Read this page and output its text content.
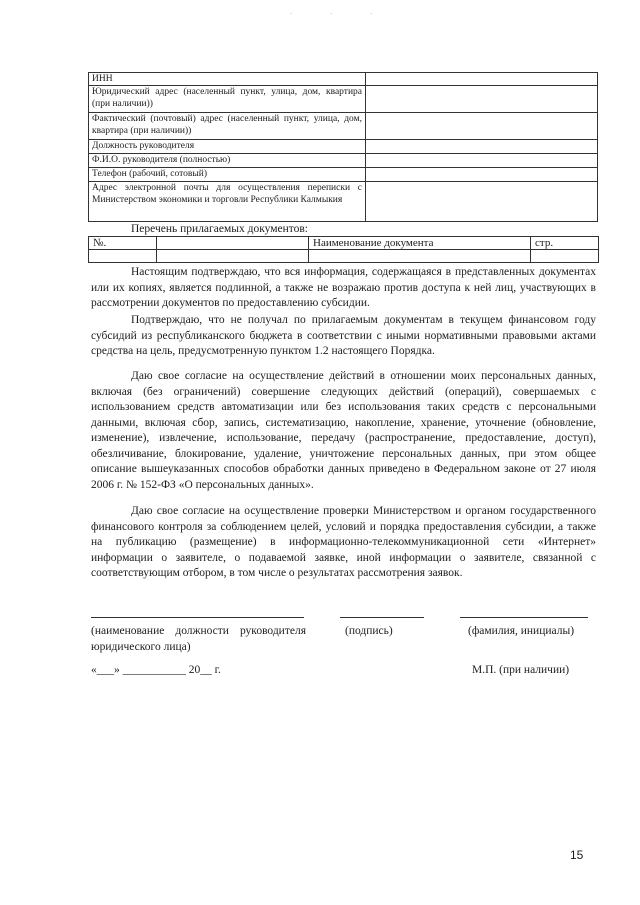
· · ·
ИНН	
Юридический адрес (населенный пункт, улица, дом, квартира (при наличии))	
Фактический (почтовый) адрес (населенный пункт, улица, дом, квартира (при наличии))	
Должность руководителя	
Ф.И.О. руководителя (полностью)	
Телефон (рабочий, сотовый)	
Адрес электронной почты для осуществления переписки с Министерством экономики и торговли Республики Калмыкия	
Перечень прилагаемых документов:
№.		Наименование документа	стр.

Настоящим подтверждаю, что вся информация, содержащаяся в представленных документах или их копиях, является подлинной, а также не возражаю против доступа к ней лиц, участвующих в рассмотрении документов по предоставлению субсидии.

Подтверждаю, что не получал по прилагаемым документам в текущем финансовом году субсидий из республиканского бюджета в соответствии с иными нормативными правовыми актами средства на цель, предусмотренную пунктом 1.2 настоящего Порядка.

Даю свое согласие на осуществление действий в отношении моих персональных данных, включая (без ограничений) совершение следующих действий (операций), совершаемых с использованием средств автоматизации или без использования таких средств с персональными данными, включая сбор, запись, систематизацию, накопление, хранение, уточнение (обновление, изменение), извлечение, использование, передачу (распространение, предоставление, доступ), обезличивание, блокирование, удаление, уничтожение персональных данных, при этом общее описание вышеуказанных способов обработки данных приведено в Федеральном законе от 27 июля 2006 г. № 152-ФЗ «О персональных данных».

Даю свое согласие на осуществление проверки Министерством и органом государственного финансового контроля за соблюдением целей, условий и порядка предоставления субсидии, а также на публикацию (размещение) в информационно-телекоммуникационной сети «Интернет» информации о заявителе, о подаваемой заявке, иной информации о заявителе, связанной с соответствующим отбором, в том числе о результатах рассмотрения заявок.

(наименование должности руководителя юридического лица)
(подпись)	(фамилия, инициалы)
«___» ___________ 20__ г.	М.П. (при наличии)
15
